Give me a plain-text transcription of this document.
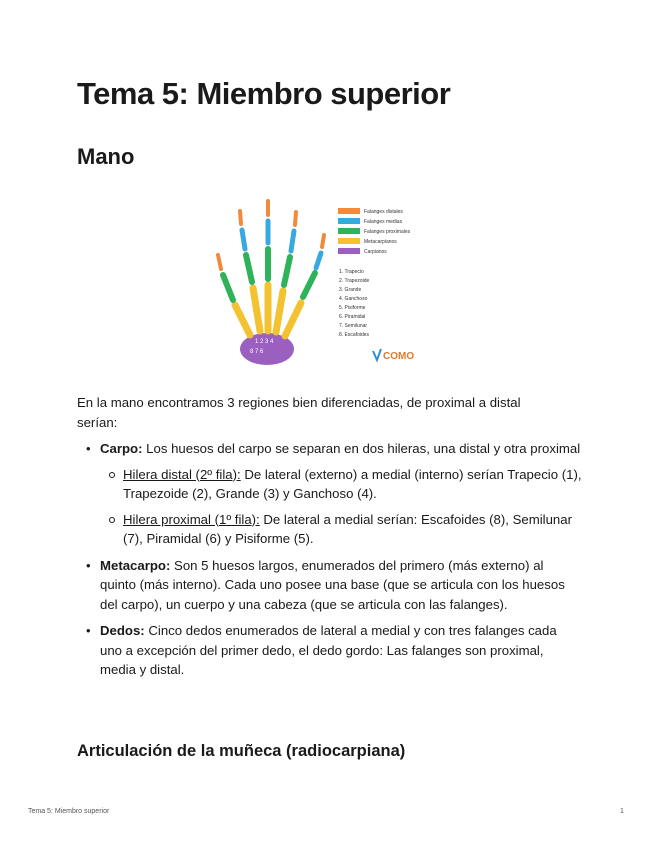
Tema 5: Miembro superior
Mano
8 7 6
1 2 3 4
Falanges distales
Falanges medias
Falanges proximales
Metacarpianos
Carpianos
1. Trapecio
2. Trapezoide
3. Grande
4. Ganchoso
5. Pisiforme
6. Piramidal
7. Semilunar
8. Escafoides
COMO

En la mano encontramos 3 regiones bien diferenciadas, de proximal a distal serían:

• Carpo: Los huesos del carpo se separan en dos hileras, una distal y otra proximal
Hilera distal (2º fila): De lateral (externo) a medial (interno) serían Trapecio (1), Trapezoide (2), Grande (3) y Ganchoso (4).
Hilera proximal (1º fila): De lateral a medial serían: Escafoides (8), Semilunar (7), Piramidal (6) y Pisiforme (5).
• Metacarpo: Son 5 huesos largos, enumerados del primero (más externo) al quinto (más interno). Cada uno posee una base (que se articula con los huesos del carpo), un cuerpo y una cabeza (que se articula con las falanges).
• Dedos: Cinco dedos enumerados de lateral a medial y con tres falanges cada uno a excepción del primer dedo, el dedo gordo: Las falanges son proximal, media y distal.
Articulación de la muñeca (radiocarpiana)
Tema 5: Miembro superior	1
